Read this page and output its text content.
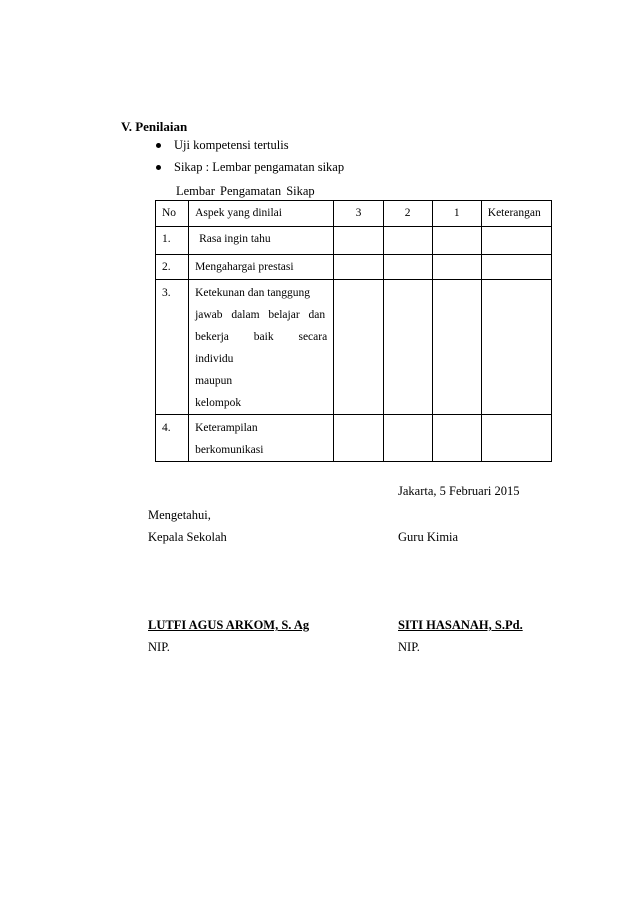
V. Penilaian
Uji kompetensi tertulis
Sikap : Lembar pengamatan sikap
Lembar Pengamatan Sikap
No	Aspek yang dinilai	3	2	1	Keterangan
1.	Rasa ingin tahu				
2.	Mengahargai prestasi				
3.	Ketekunan dan tanggung
jawab dalam belajar dan
bekerja baik secara
individu maupun
kelompok				

4.	Keterampilan
berkomunikasi				

Jakarta, 5 Februari 2015
Mengetahui,
Kepala Sekolah	Guru Kimia
LUTFI AGUS ARKOM, S. Ag	SITI HASANAH, S.Pd.
NIP.	NIP.
